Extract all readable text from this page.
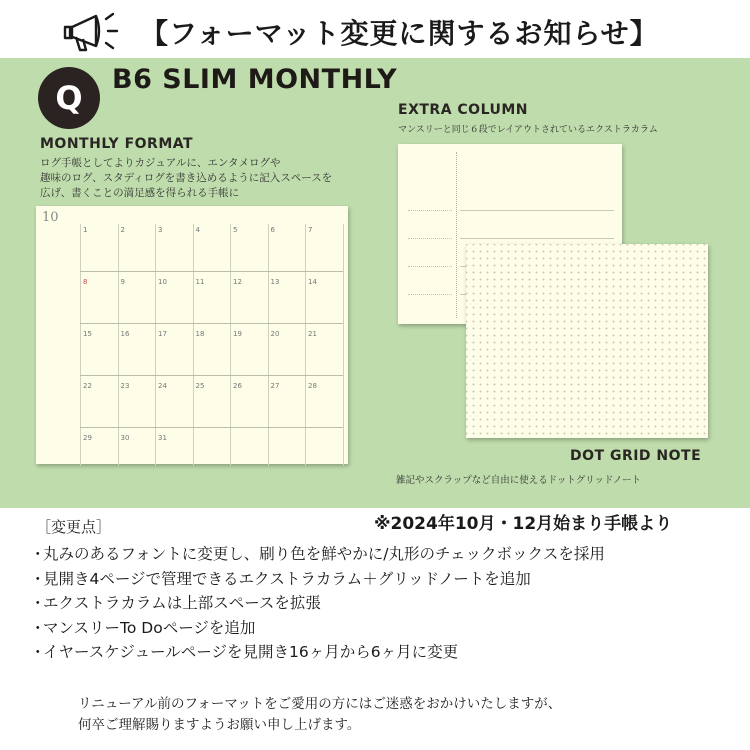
【フォーマット変更に関するお知らせ】
Q B6 SLIM MONTHLY
MONTHLY FORMAT
ログ手帳としてよりカジュアルに、エンタメログや
趣味のログ、スタディログを書き込めるように記入スペースを
広げ、書くことの満足感を得られる手帳に
EXTRA COLUMN
マンスリーと同じ６段でレイアウトされているエクストラカラム
10
1	2	3	4	5	6	7
8	9	10	11	12	13	14
15	16	17	18	19	20	21
22	23	24	25	26	27	28
29	30	31
DOT GRID NOTE
雑記やスクラップなど自由に使えるドットグリッドノート
※2024年10月・12月始まり手帳より
［変更点］
・丸みのあるフォントに変更し、刷り色を鮮やかに/丸形のチェックボックスを採用
・見開き4ページで管理できるエクストラカラム＋グリッドノートを追加
・エクストラカラムは上部スペースを拡張
・マンスリーTo Doページを追加
・イヤースケジュールページを見開き16ヶ月から6ヶ月に変更
リニューアル前のフォーマットをご愛用の方にはご迷惑をおかけいたしますが、
何卒ご理解賜りますようお願い申し上げます。
